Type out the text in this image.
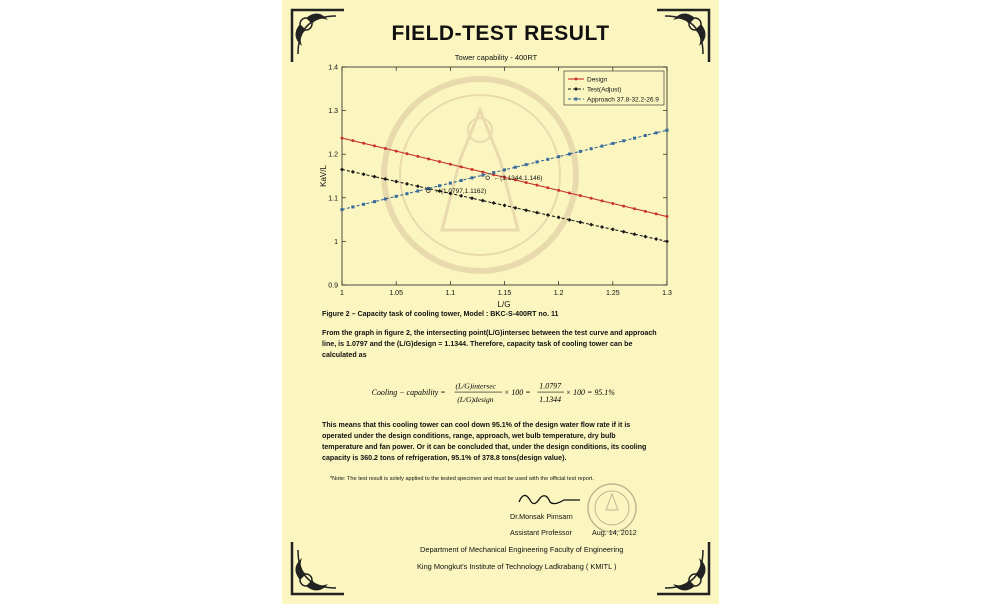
FIELD-TEST RESULT
Tower capability - 400RT
1	1.05	1.1	1.15	1.2	1.25	1.3
0.9
1
1.1
1.2
1.3
1.4
←(1.1344,1.146)
←(1.0797,1.1162)
Design
Test(Adjust)
Approach 37.8-32.2-26.9
L/G
KaV/L
Figure 2 – Capacity task of cooling tower, Model : BKC-S-400RT no. 11
From the graph in figure 2, the intersecting point(L/G)intersec between the test curve and approach
line, is 1.0797 and the (L/G)design = 1.1344. Therefore, capacity task of cooling tower can be
calculated as
Cooling − capability =
(L/G)intersec
(L/G)design
× 100 =
1.0797
1.1344
× 100 = 95.1%
This means that this cooling tower can cool down 95.1% of the design water flow rate if it is
operated under the design conditions, range, approach, wet bulb temperature, dry bulb
temperature and fan power. Or it can be concluded that, under the design conditions, its cooling
capacity is 360.2 tons of refrigeration, 95.1% of 378.8 tons(design value).
*Note: The test result is solely applied to the tested specimen and must be used with the official test report.
Dr.Monsak Pimsarn
Assistant Professor	Aug. 14, 2012
Department of Mechanical Engineering Faculty of Engineering
King Mongkut's Institute of Technology Ladkrabang ( KMITL )
